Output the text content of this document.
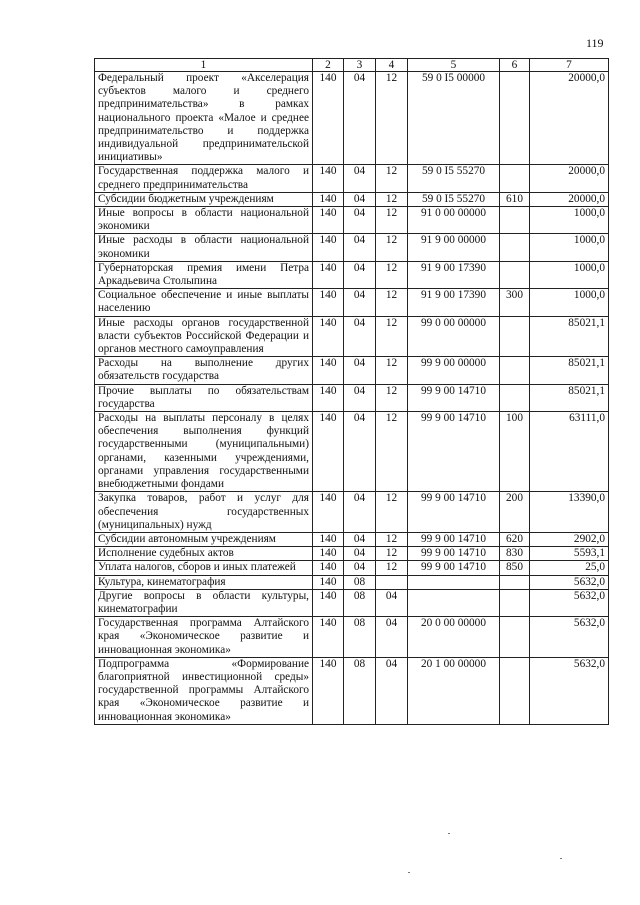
119
1	2	3	4	5	6	7
Федеральный проект «Акселерация субъектов малого и среднего предпринимательства» в рамках национального проекта «Малое и среднее предпринимательство и поддержка индивидуальной предпринимательской инициативы»	140	04	12	59 0 I5 00000		20000,0
Государственная поддержка малого и среднего предпринимательства	140	04	12	59 0 I5 55270		20000,0
Субсидии бюджетным учреждениям	140	04	12	59 0 I5 55270	610	20000,0
Иные вопросы в области национальной экономики	140	04	12	91 0 00 00000		1000,0
Иные расходы в области национальной экономики	140	04	12	91 9 00 00000		1000,0
Губернаторская премия имени Петра Аркадьевича Столыпина	140	04	12	91 9 00 17390		1000,0
Социальное обеспечение и иные выплаты населению	140	04	12	91 9 00 17390	300	1000,0
Иные расходы органов государственной власти субъектов Российской Федерации и органов местного самоуправления	140	04	12	99 0 00 00000		85021,1
Расходы на выполнение других обязательств государства	140	04	12	99 9 00 00000		85021,1
Прочие выплаты по обязательствам государства	140	04	12	99 9 00 14710		85021,1
Расходы на выплаты персоналу в целях обеспечения выполнения функций государственными (муниципальными) органами, казенными учреждениями, органами управления государственными внебюджетными фондами	140	04	12	99 9 00 14710	100	63111,0
Закупка товаров, работ и услуг для обеспечения государственных (муниципальных) нужд	140	04	12	99 9 00 14710	200	13390,0
Субсидии автономным учреждениям	140	04	12	99 9 00 14710	620	2902,0
Исполнение судебных актов	140	04	12	99 9 00 14710	830	5593,1
Уплата налогов, сборов и иных платежей	140	04	12	99 9 00 14710	850	25,0
Культура, кинематография	140	08				5632,0
Другие вопросы в области культуры, кинематографии	140	08	04			5632,0
Государственная программа Алтайского края «Экономическое развитие и инновационная экономика»	140	08	04	20 0 00 00000		5632,0
Подпрограмма «Формирование благоприятной инвестиционной среды» государственной программы Алтайского края «Экономическое развитие и инновационная экономика»	140	08	04	20 1 00 00000		5632,0
